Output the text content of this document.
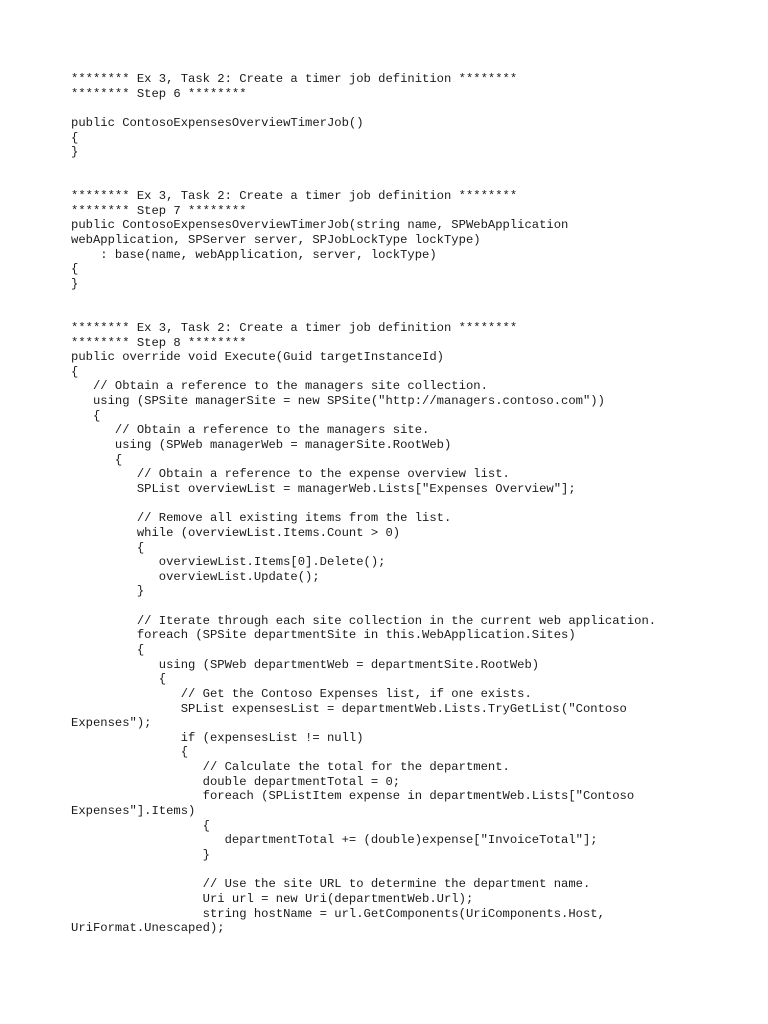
******** Ex 3, Task 2: Create a timer job definition ********
******** Step 6 ********
public ContosoExpensesOverviewTimerJob()
{
}
******** Ex 3, Task 2: Create a timer job definition ********
******** Step 7 ********
public ContosoExpensesOverviewTimerJob(string name, SPWebApplication
webApplication, SPServer server, SPJobLockType lockType)
: base(name, webApplication, server, lockType)
{
}
******** Ex 3, Task 2: Create a timer job definition ********
******** Step 8 ********
public override void Execute(Guid targetInstanceId)
{
// Obtain a reference to the managers site collection.
using (SPSite managerSite = new SPSite("http://managers.contoso.com"))
{
// Obtain a reference to the managers site.
using (SPWeb managerWeb = managerSite.RootWeb)
{
// Obtain a reference to the expense overview list.
SPList overviewList = managerWeb.Lists["Expenses Overview"];
// Remove all existing items from the list.
while (overviewList.Items.Count > 0)
{
overviewList.Items[0].Delete();
overviewList.Update();
}
// Iterate through each site collection in the current web application.
foreach (SPSite departmentSite in this.WebApplication.Sites)
{
using (SPWeb departmentWeb = departmentSite.RootWeb)
{
// Get the Contoso Expenses list, if one exists.
SPList expensesList = departmentWeb.Lists.TryGetList("Contoso
Expenses");
if (expensesList != null)
{
// Calculate the total for the department.
double departmentTotal = 0;
foreach (SPListItem expense in departmentWeb.Lists["Contoso
Expenses"].Items)
{
departmentTotal += (double)expense["InvoiceTotal"];
}
// Use the site URL to determine the department name.
Uri url = new Uri(departmentWeb.Url);
string hostName = url.GetComponents(UriComponents.Host,
UriFormat.Unescaped);
